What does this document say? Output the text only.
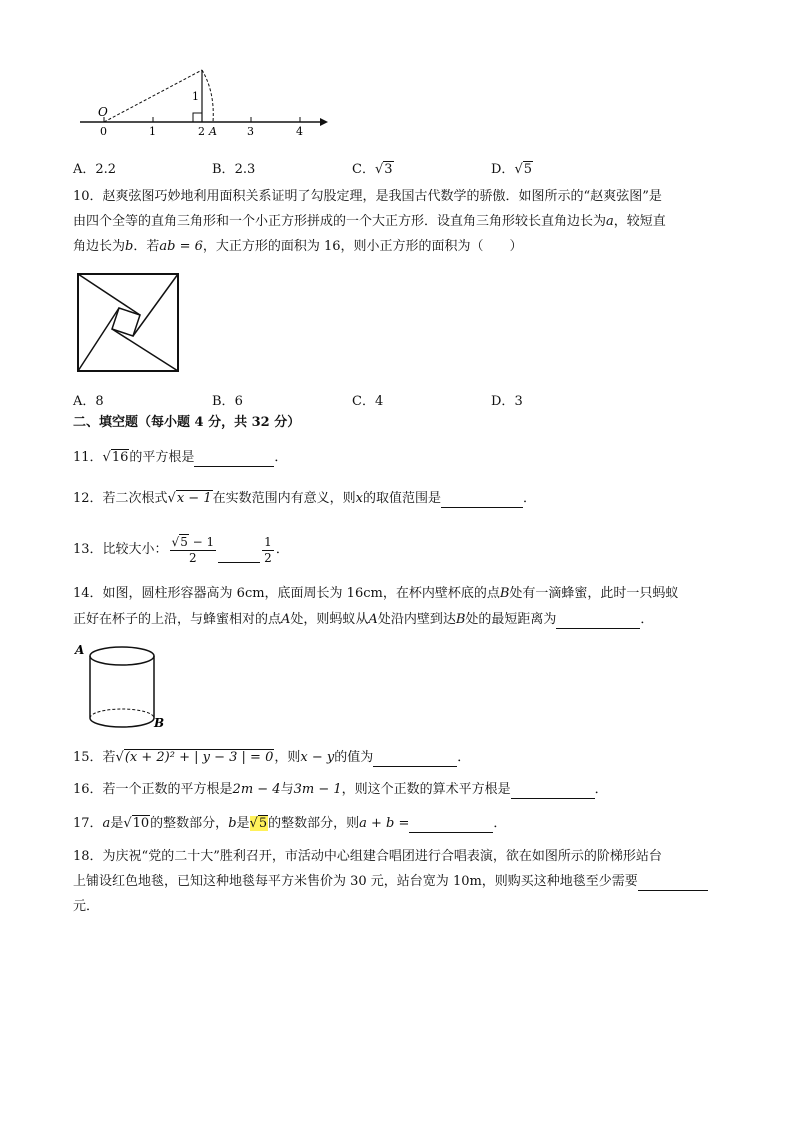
0	1	2	3	4
O
A
1
A．2.2	B．2.3	C．√3	D．√5
10．赵爽弦图巧妙地利用面积关系证明了勾股定理，是我国古代数学的骄傲．如图所示的“赵爽弦图”是
由四个全等的直角三角形和一个小正方形拼成的一个大正方形．设直角三角形较长直角边长为a，较短直
角边长为b．若ab = 6，大正方形的面积为 16，则小正方形的面积为（　　）
A．8	B．6	C．4	D．3
二、填空题（每小题 4 分，共 32 分）
11．√16的平方根是	．
12．若二次根式√x − 1在实数范围内有意义，则x的取值范围是	．
13．比较大小： $\frac{√5 - 1}{2}$	$\frac{1}{2}$ ．
14．如图，圆柱形容器高为 6cm，底面周长为 16cm，在杯内壁杯底的点B处有一滴蜂蜜，此时一只蚂蚁
正好在杯子的上沿，与蜂蜜相对的点A处，则蚂蚁从A处沿内壁到达B处的最短距离为	．
A
B
15．若√(x + 2)² + | y − 3 | = 0，则x − y的值为	．
16．若一个正数的平方根是2m − 4与3m − 1，则这个正数的算术平方根是	．
17．a是√10的整数部分，b是√5的整数部分，则a + b =	．
18．为庆祝“党的二十大”胜利召开，市活动中心组建合唱团进行合唱表演，欲在如图所示的阶梯形站台
上铺设红色地毯，已知这种地毯每平方米售价为 30 元，站台宽为 10m，则购买这种地毯至少需要
元．
